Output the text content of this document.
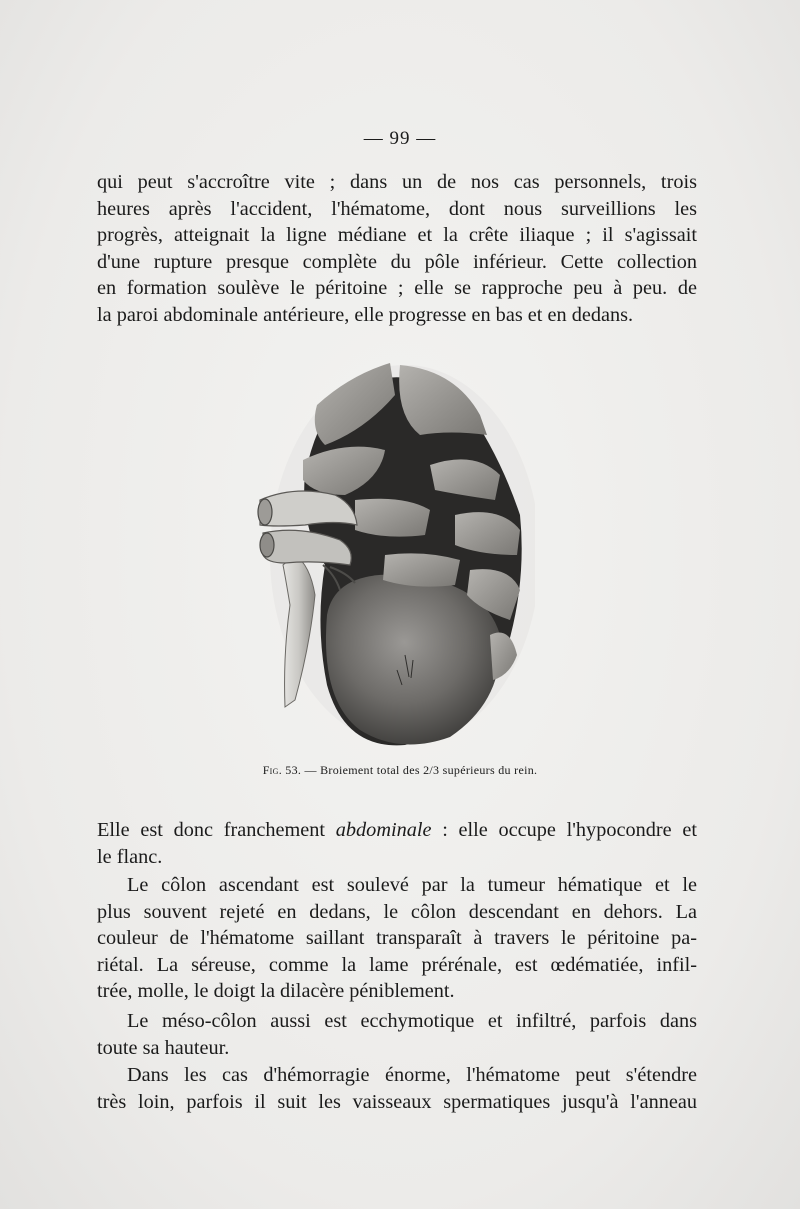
— 99 —

qui peut s'accroître vite ; dans un de nos cas personnels, trois
heures après l'accident, l'hématome, dont nous surveillions les
progrès, atteignait la ligne médiane et la crête iliaque ; il s'agissait
d'une rupture presque complète du pôle inférieur. Cette collection
en formation soulève le péritoine ; elle se rapproche peu à peu. de
la paroi abdominale antérieure, elle progresse en bas et en dedans.

Fig. 53. — Broiement total des 2/3 supérieurs du rein.

Elle est donc franchement abdominale : elle occupe l'hypocondre et
le flanc.

Le côlon ascendant est soulevé par la tumeur hématique et le
plus souvent rejeté en dedans, le côlon descendant en dehors. La
couleur de l'hématome saillant transparaît à travers le péritoine pa-
riétal. La séreuse, comme la lame prérénale, est œdématiée, infil-
trée, molle, le doigt la dilacère péniblement.

Le méso-côlon aussi est ecchymotique et infiltré, parfois dans
toute sa hauteur.

Dans les cas d'hémorragie énorme, l'hématome peut s'étendre
très loin, parfois il suit les vaisseaux spermatiques jusqu'à l'anneau
